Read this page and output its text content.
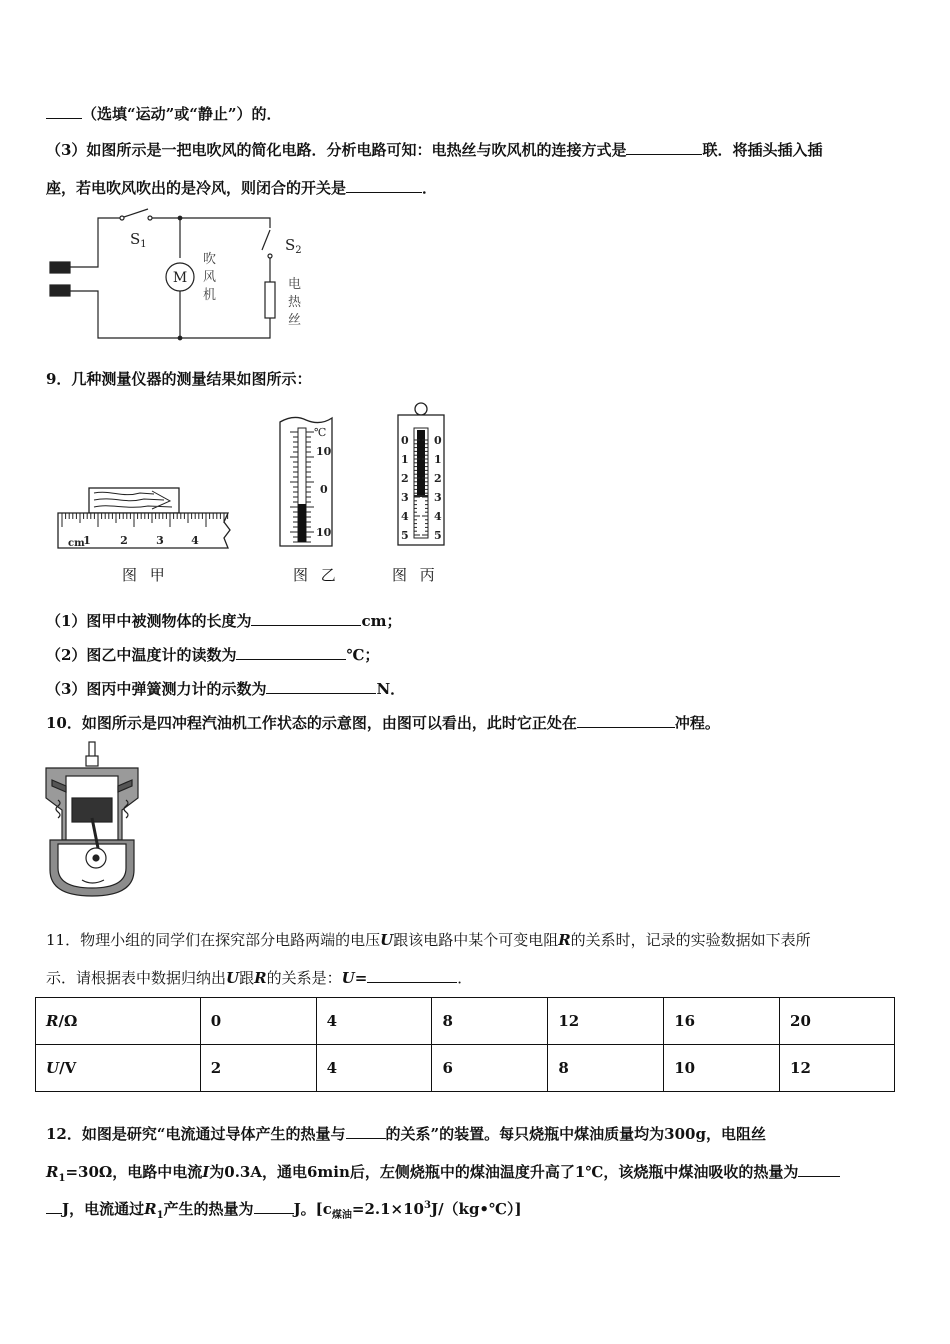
（选填“运动”或“静止”）的．
（3）如图所示是一把电吹风的简化电路．分析电路可知：电热丝与吹风机的连接方式是	联．将插头插入插
座，若电吹风吹出的是冷风，则闭合的开关是	．
$S_1$	$S_2$
M
吹
风
机
电
热
丝
9．几种测量仪器的测量结果如图所示：
cm
1	2	3 4
图 甲
℃
10
0
10
图 乙
0 0
1 1
2 2
3 3
4 4
5 5
图 丙
（1）图甲中被测物体的长度为	cm；
（2）图乙中温度计的读数为	℃；
（3）图丙中弹簧测力计的示数为	N．
10．如图所示是四冲程汽油机工作状态的示意图，由图可以看出，此时它正处在	冲程。
11．物理小组的同学们在探究部分电路两端的电压U跟该电路中某个可变电阻R的关系时，记录的实验数据如下表所
示．请根据表中数据归纳出U跟R的关系是：U=	．
R/Ω	0	4	8	12	16	20
U/V	2	4	6	8	10	12
12．如图是研究“电流通过导体产生的热量与	的关系”的装置。每只烧瓶中煤油质量均为300g，电阻丝
$R_1=30\Omega$，电路中电流I为0.3A，通电6min后，左侧烧瓶中的煤油温度升高了1℃，该烧瓶中煤油吸收的热量为
J，电流通过$R_1$产生的热量为	J。$[c_{煤油}=2.1\times 10^3J/(kg•℃)]$
